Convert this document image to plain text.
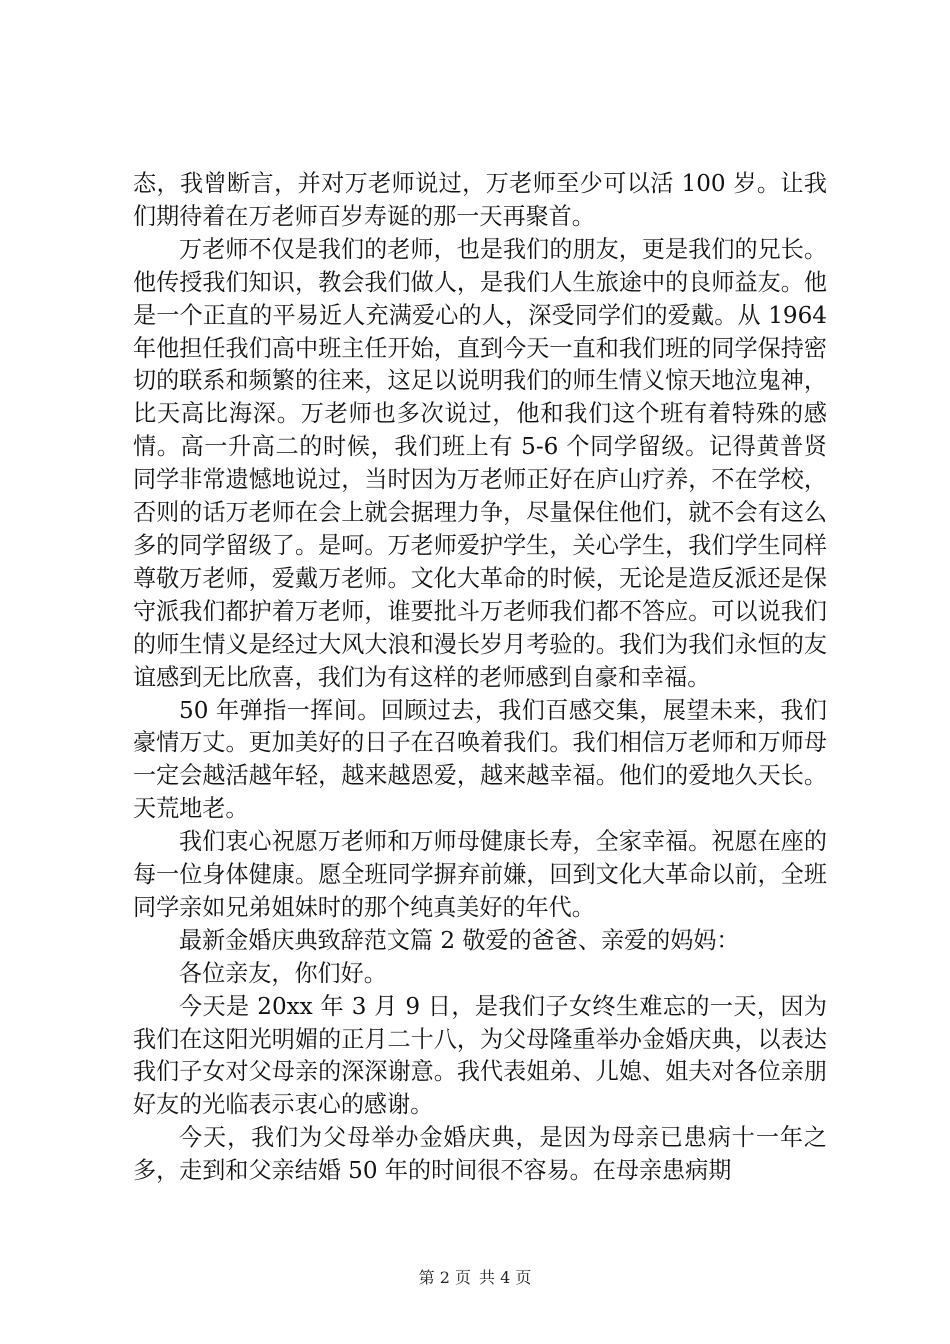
态，我曾断言，并对万老师说过，万老师至少可以活 100 岁。让我们期待着在万老师百岁寿诞的那一天再聚首。

万老师不仅是我们的老师，也是我们的朋友，更是我们的兄长。他传授我们知识，教会我们做人，是我们人生旅途中的良师益友。他是一个正直的平易近人充满爱心的人，深受同学们的爱戴。从 1964 年他担任我们高中班主任开始，直到今天一直和我们班的同学保持密切的联系和频繁的往来，这足以说明我们的师生情义惊天地泣鬼神，比天高比海深。万老师也多次说过，他和我们这个班有着特殊的感情。高一升高二的时候，我们班上有 5-6 个同学留级。记得黄普贤同学非常遗憾地说过，当时因为万老师正好在庐山疗养，不在学校，否则的话万老师在会上就会据理力争，尽量保住他们，就不会有这么多的同学留级了。是呵。万老师爱护学生，关心学生，我们学生同样尊敬万老师，爱戴万老师。文化大革命的时候，无论是造反派还是保守派我们都护着万老师，谁要批斗万老师我们都不答应。可以说我们的师生情义是经过大风大浪和漫长岁月考验的。我们为我们永恒的友谊感到无比欣喜，我们为有这样的老师感到自豪和幸福。

50 年弹指一挥间。回顾过去，我们百感交集，展望未来，我们豪情万丈。更加美好的日子在召唤着我们。我们相信万老师和万师母一定会越活越年轻，越来越恩爱，越来越幸福。他们的爱地久天长。天荒地老。

我们衷心祝愿万老师和万师母健康长寿，全家幸福。祝愿在座的每一位身体健康。愿全班同学摒弃前嫌，回到文化大革命以前，全班同学亲如兄弟姐妹时的那个纯真美好的年代。

最新金婚庆典致辞范文篇 2 敬爱的爸爸、亲爱的妈妈：

各位亲友，你们好。

今天是 20xx 年 3 月 9 日，是我们子女终生难忘的一天，因为我们在这阳光明媚的正月二十八，为父母隆重举办金婚庆典，以表达我们子女对父母亲的深深谢意。我代表姐弟、儿媳、姐夫对各位亲朋好友的光临表示衷心的感谢。

今天，我们为父母举办金婚庆典，是因为母亲已患病十一年之多，走到和父亲结婚 50 年的时间很不容易。在母亲患病期

第 2 页 共 4 页
